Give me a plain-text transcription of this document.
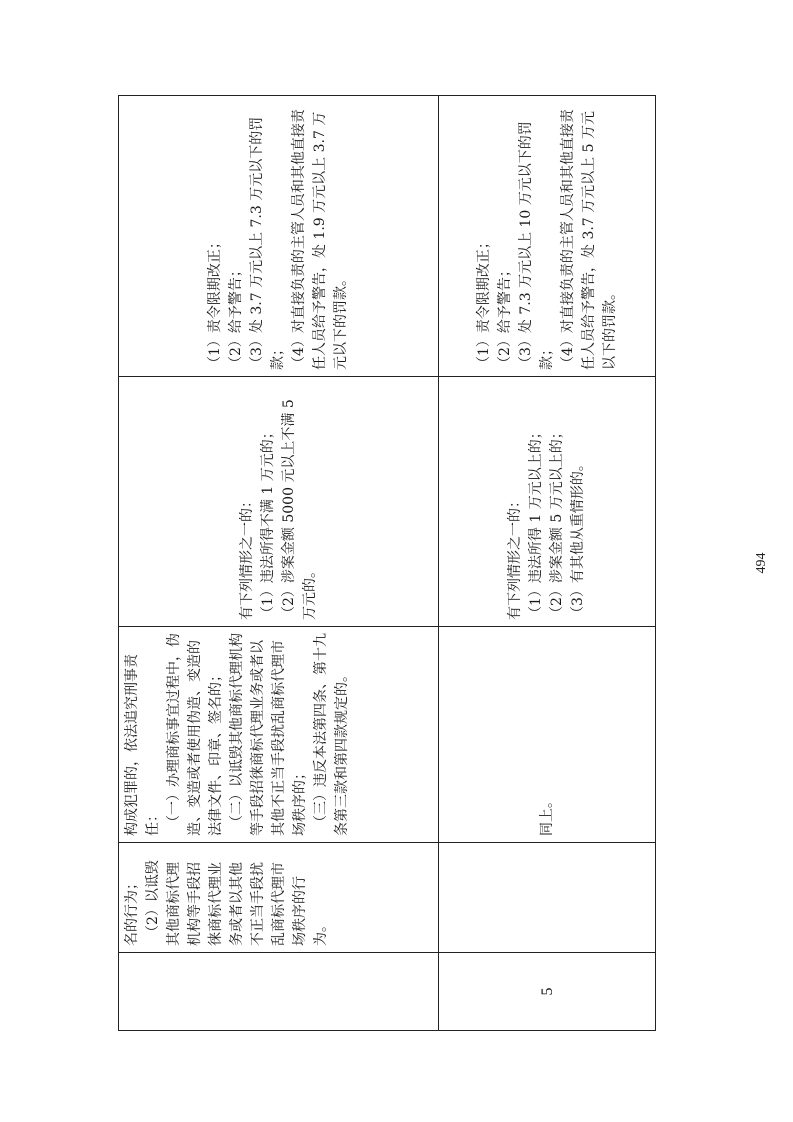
	名的行为； 　（2）以诋毁其他商标代理机构等手段招徕商标代理业务或者以其他不正当手段扰乱商标代理市场秩序的行为。	构成犯罪的，依法追究刑事责任： 　（一）办理商标事宜过程中，伪造、变造或者使用伪造、变造的法律文件、印章、签名的； 　（二）以诋毁其他商标代理机构等手段招徕商标代理业务或者以其他不正当手段扰乱商标代理市场秩序的； 　（三）违反本法第四条、第十九条第三款和第四款规定的。	有下列情形之一的： （1）违法所得不满 1 万元的； （2）涉案金额 5000 元以上不满 5 万元的。	（1）责令限期改正； （2）给予警告； （3）处 3.7 万元以上 7.3 万元以下的罚款； （4）对直接负责的主管人员和其他直接责任人员给予警告，处 1.9 万元以上 3.7 万元以下的罚款。

5		同上。	有下列情形之一的： （1）违法所得 1 万元以上的； （2）涉案金额 5 万元以上的； （3）有其他从重情形的。	（1）责令限期改正； （2）给予警告； （3）处 7.3 万元以上 10 万元以下的罚款； （4）对直接负责的主管人员和其他直接责任人员给予警告，处 3.7 万元以上 5 万元以下的罚款。
494
